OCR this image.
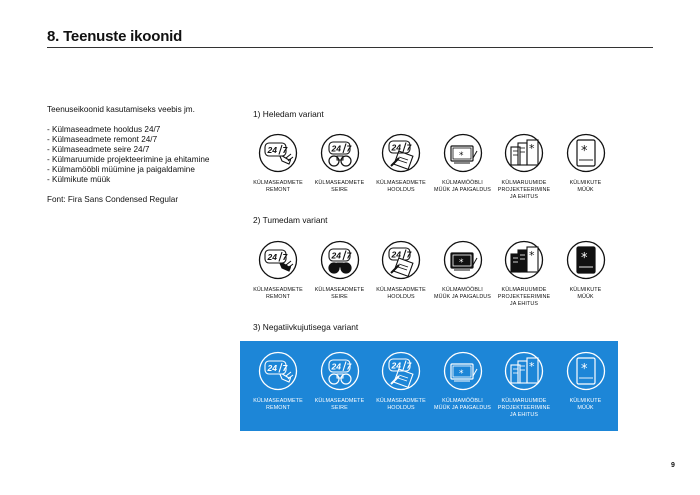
8. Teenuste ikoonid
Teenuseikoonid kasutamiseks veebis jm.
- Külmaseadmete hooldus 24/7
- Külmaseadmete remont 24/7
- Külmaseadmete seire 24/7
- Külmaruumide projekteerimine ja ehitamine
- Külmamööbli müümine ja paigaldamine
- Külmikute müük
Font: Fira Sans Condensed Regular
1) Heledam variant
24 7
KÜLMASEADMETE
REMONT
24 7
KÜLMASEADMETE
SEIRE
24 7
KÜLMASEADMETE
HOOLDUS
*
KÜLMAMÖÖBLI
MÜÜK JA PAIGALDUS
*
KÜLMARUUMIDE
PROJEKTEERIMINE
JA EHITUS
*
KÜLMIKUTE
MÜÜK
2) Tumedam variant
24 7
KÜLMASEADMETE
REMONT
24 7
KÜLMASEADMETE
SEIRE
24 7
KÜLMASEADMETE
HOOLDUS
*
KÜLMAMÖÖBLI
MÜÜK JA PAIGALDUS
*
KÜLMARUUMIDE
PROJEKTEERIMINE
JA EHITUS
*
KÜLMIKUTE
MÜÜK
3) Negatiivkujutisega variant
24 7
KÜLMASEADMETE
REMONT
24 7
KÜLMASEADMETE
SEIRE
24 7
KÜLMASEADMETE
HOOLDUS
*
KÜLMAMÖÖBLI
MÜÜK JA PAIGALDUS
*
KÜLMARUUMIDE
PROJEKTEERIMINE
JA EHITUS
*
KÜLMIKUTE
MÜÜK
9
